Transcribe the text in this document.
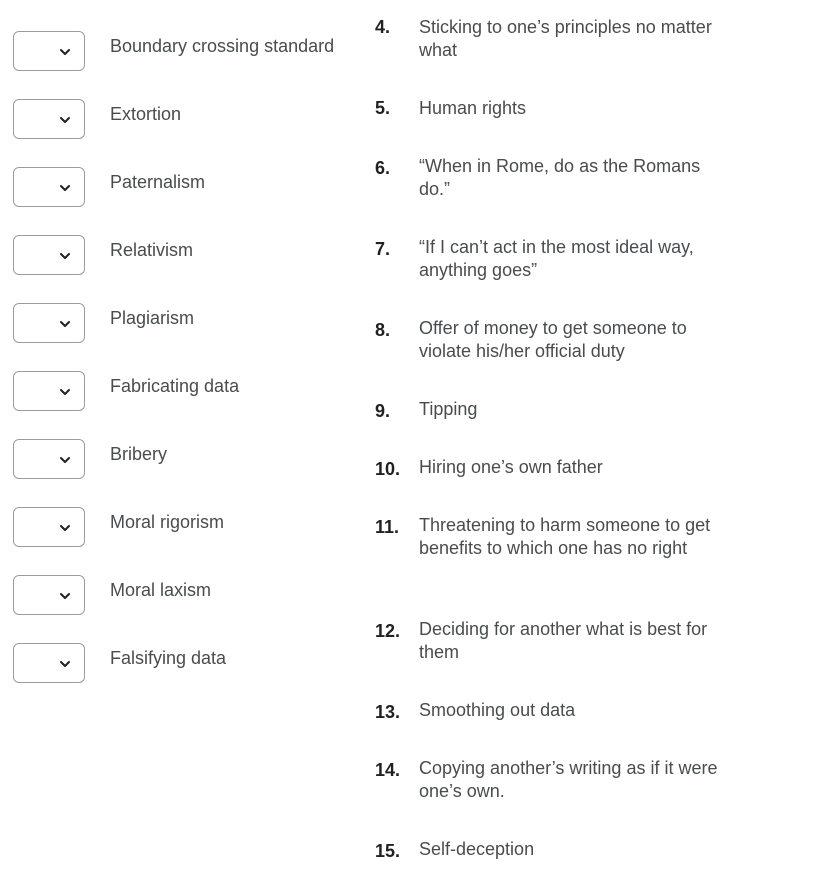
Boundary crossing standard
Extortion
Paternalism
Relativism
Plagiarism
Fabricating data
Bribery
Moral rigorism
Moral laxism
Falsifying data
4. Sticking to one’s principles no matter what
5. Human rights
6. “When in Rome, do as the Romans do.”
7. “If I can’t act in the most ideal way, anything goes”
8. Offer of money to get someone to violate his/her official duty
9. Tipping
10. Hiring one’s own father
11. Threatening to harm someone to get benefits to which one has no right
12. Deciding for another what is best for them
13. Smoothing out data
14. Copying another’s writing as if it were one’s own.
15. Self-deception
